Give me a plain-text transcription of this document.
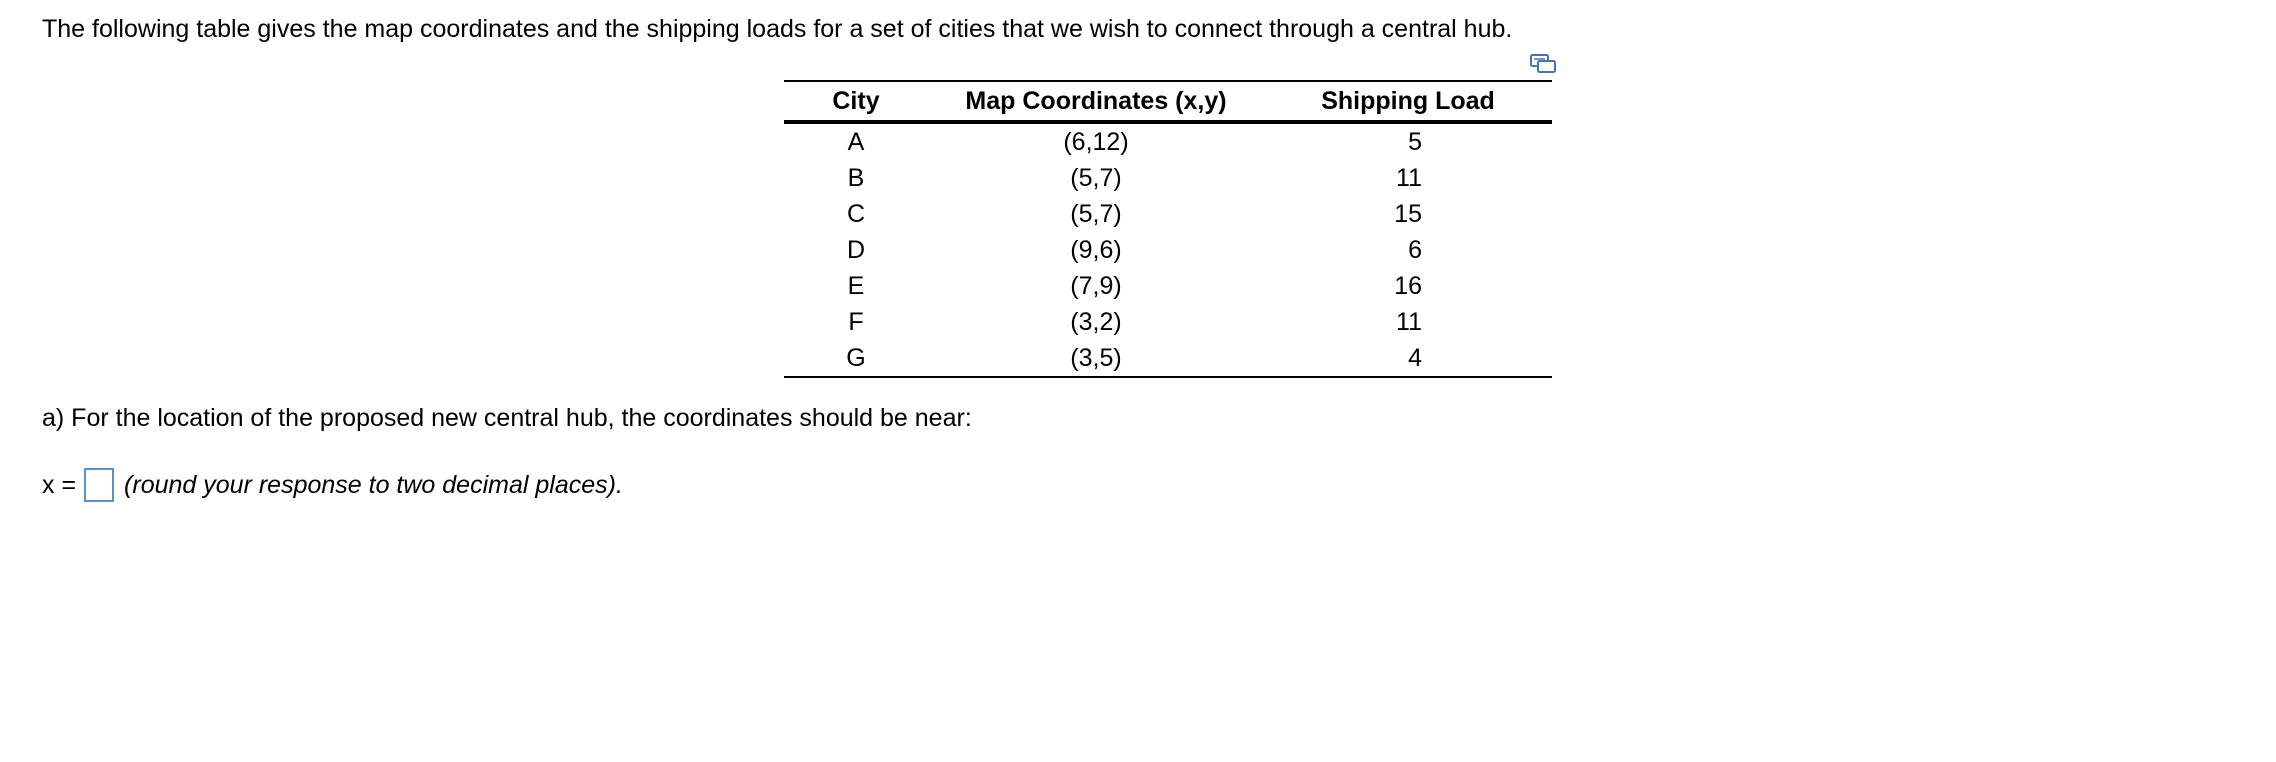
The following table gives the map coordinates and the shipping loads for a set of cities that we wish to connect through a central hub.
City	Map Coordinates (x,y)	Shipping Load
A	(6,12)	5
B	(5,7)	11
C	(5,7)	15
D	(9,6)	6
E	(7,9)	16
F	(3,2)	11
G	(3,5)	4
a) For the location of the proposed new central hub, the coordinates should be near:
x = (round your response to two decimal places).
